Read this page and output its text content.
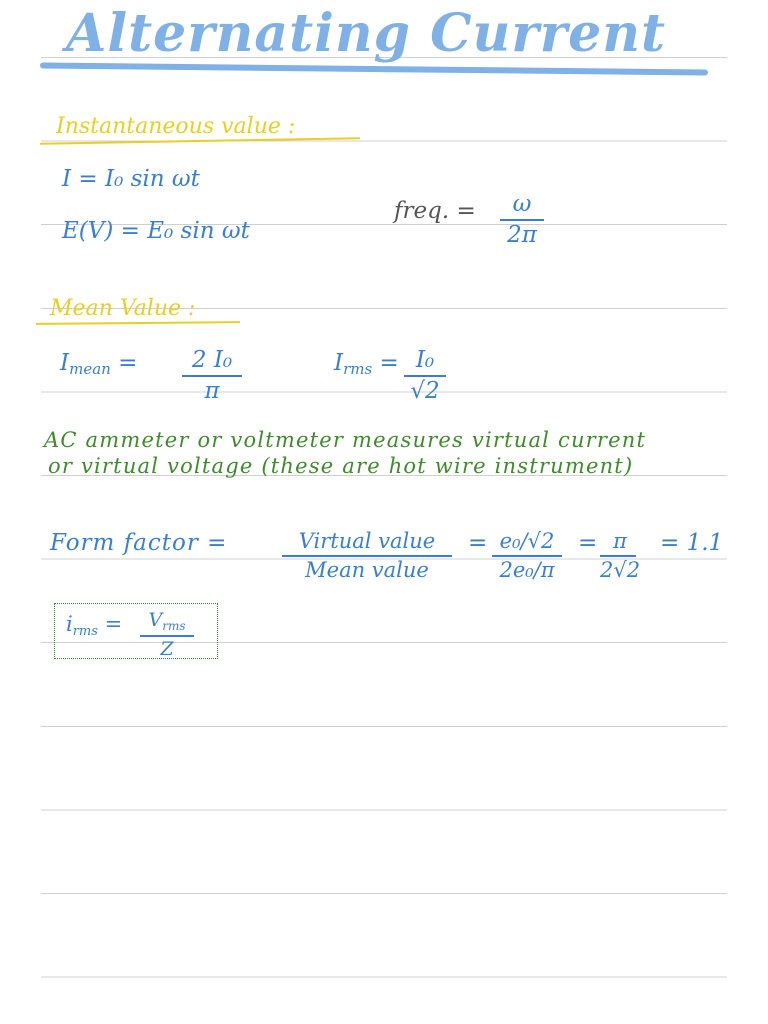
Alternating Current
Instantaneous value :
I = I₀ sin ωt
E(V) = E₀ sin ωt
freq. = ω
2π
Mean Value :
$I_{mean} = 2$ I₀
π
$I_{rms} = I_0$
√2
AC ammeter or voltmeter measures virtual current
or virtual voltage (these are hot wire instrument)
Form factor =	Virtual value
Mean value
= e₀/√2
2e₀/π
= π
2√2
= 1.1
$i_{rms} = V_{rms}$
Z
